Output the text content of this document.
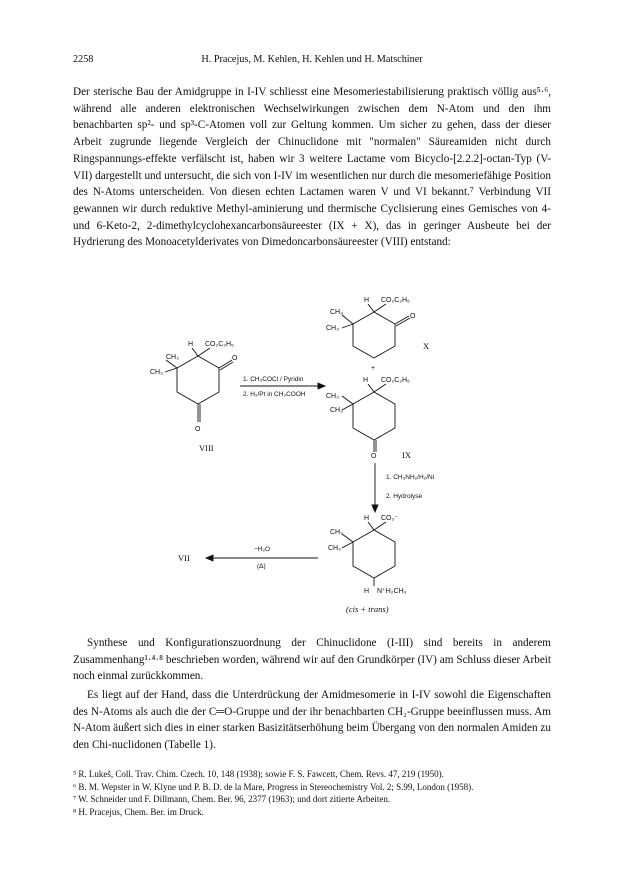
2258	H. Pracejus, M. Kehlen, H. Kehlen und H. Matschiner

Der sterische Bau der Amidgruppe in I-IV schliesst eine Mesomeriestabilisierung praktisch völlig aus⁵·⁶, während alle anderen elektronischen Wechselwirkungen zwischen dem N-Atom und den ihm benachbarten sp²- und sp³-C-Atomen voll zur Geltung kommen. Um sicher zu gehen, dass der dieser Arbeit zugrunde liegende Vergleich der Chinuclidone mit "normalen" Säureamiden nicht durch Ringspannungs-effekte verfälscht ist, haben wir 3 weitere Lactame vom Bicyclo-[2.2.2]-octan-Typ (V-VII) dargestellt und untersucht, die sich von I-IV im wesentlichen nur durch die mesomeriefähige Position des N-Atoms unterscheiden. Von diesen echten Lactamen waren V und VI bekannt.⁷ Verbindung VII gewannen wir durch reduktive Methyl-aminierung und thermische Cyclisierung eines Gemisches von 4- und 6-Keto-2, 2-dimethylcyclohexancarbonsäureester (IX + X), das in geringer Ausbeute bei der Hydrierung des Monoacetylderivates von Dimedoncarbonsäureester (VIII) entstand:

H CO₂C₂H₅
CH₃
CH₃
O
X
+
H CO₂C₂H₅
CH₃
CH₃
O
O
VIII
1. CH₃COCl / Pyridin
2. H₂/Pt in CH₃COOH
H CO₂C₂H₅
CH₃
CH₃
O	IX
1. CH₃NH₂/H₂/Ni
2. Hydrolyse
H CO₂⁻
CH₃
CH₃
H N⁺H₂CH₃
(cis + trans)
−H₂O
(Δ)
VII

Synthese und Konfigurationszuordnung der Chinuclidone (I-III) sind bereits in anderem Zusammenhang¹·⁴·⁸ beschrieben worden, während wir auf den Grundkörper (IV) am Schluss dieser Arbeit noch einmal zurückkommen.

Es liegt auf der Hand, dass die Unterdrückung der Amidmesomerie in I-IV sowohl die Eigenschaften des N-Atoms als auch die der C═O-Gruppe und der ihr benachbarten CH₂-Gruppe beeinflussen muss. Am N-Atom äußert sich dies in einer starken Basizitätserhöhung beim Übergang von den normalen Amiden zu den Chi-nuclidonen (Tabelle 1).

⁵ R. Lukeš, Coll. Trav. Chim. Czech. 10, 148 (1938); sowie F. S. Fawcett, Chem. Revs. 47, 219 (1950).
⁶ B. M. Wepster in W. Klyne und P. B. D. de la Mare, Progress in Stereochemistry Vol. 2; S.99, London (1958).
⁷ W. Schneider und F. Dillmann, Chem. Ber. 96, 2377 (1963); und dort zitierte Arbeiten.
⁸ H. Pracejus, Chem. Ber. im Druck.
